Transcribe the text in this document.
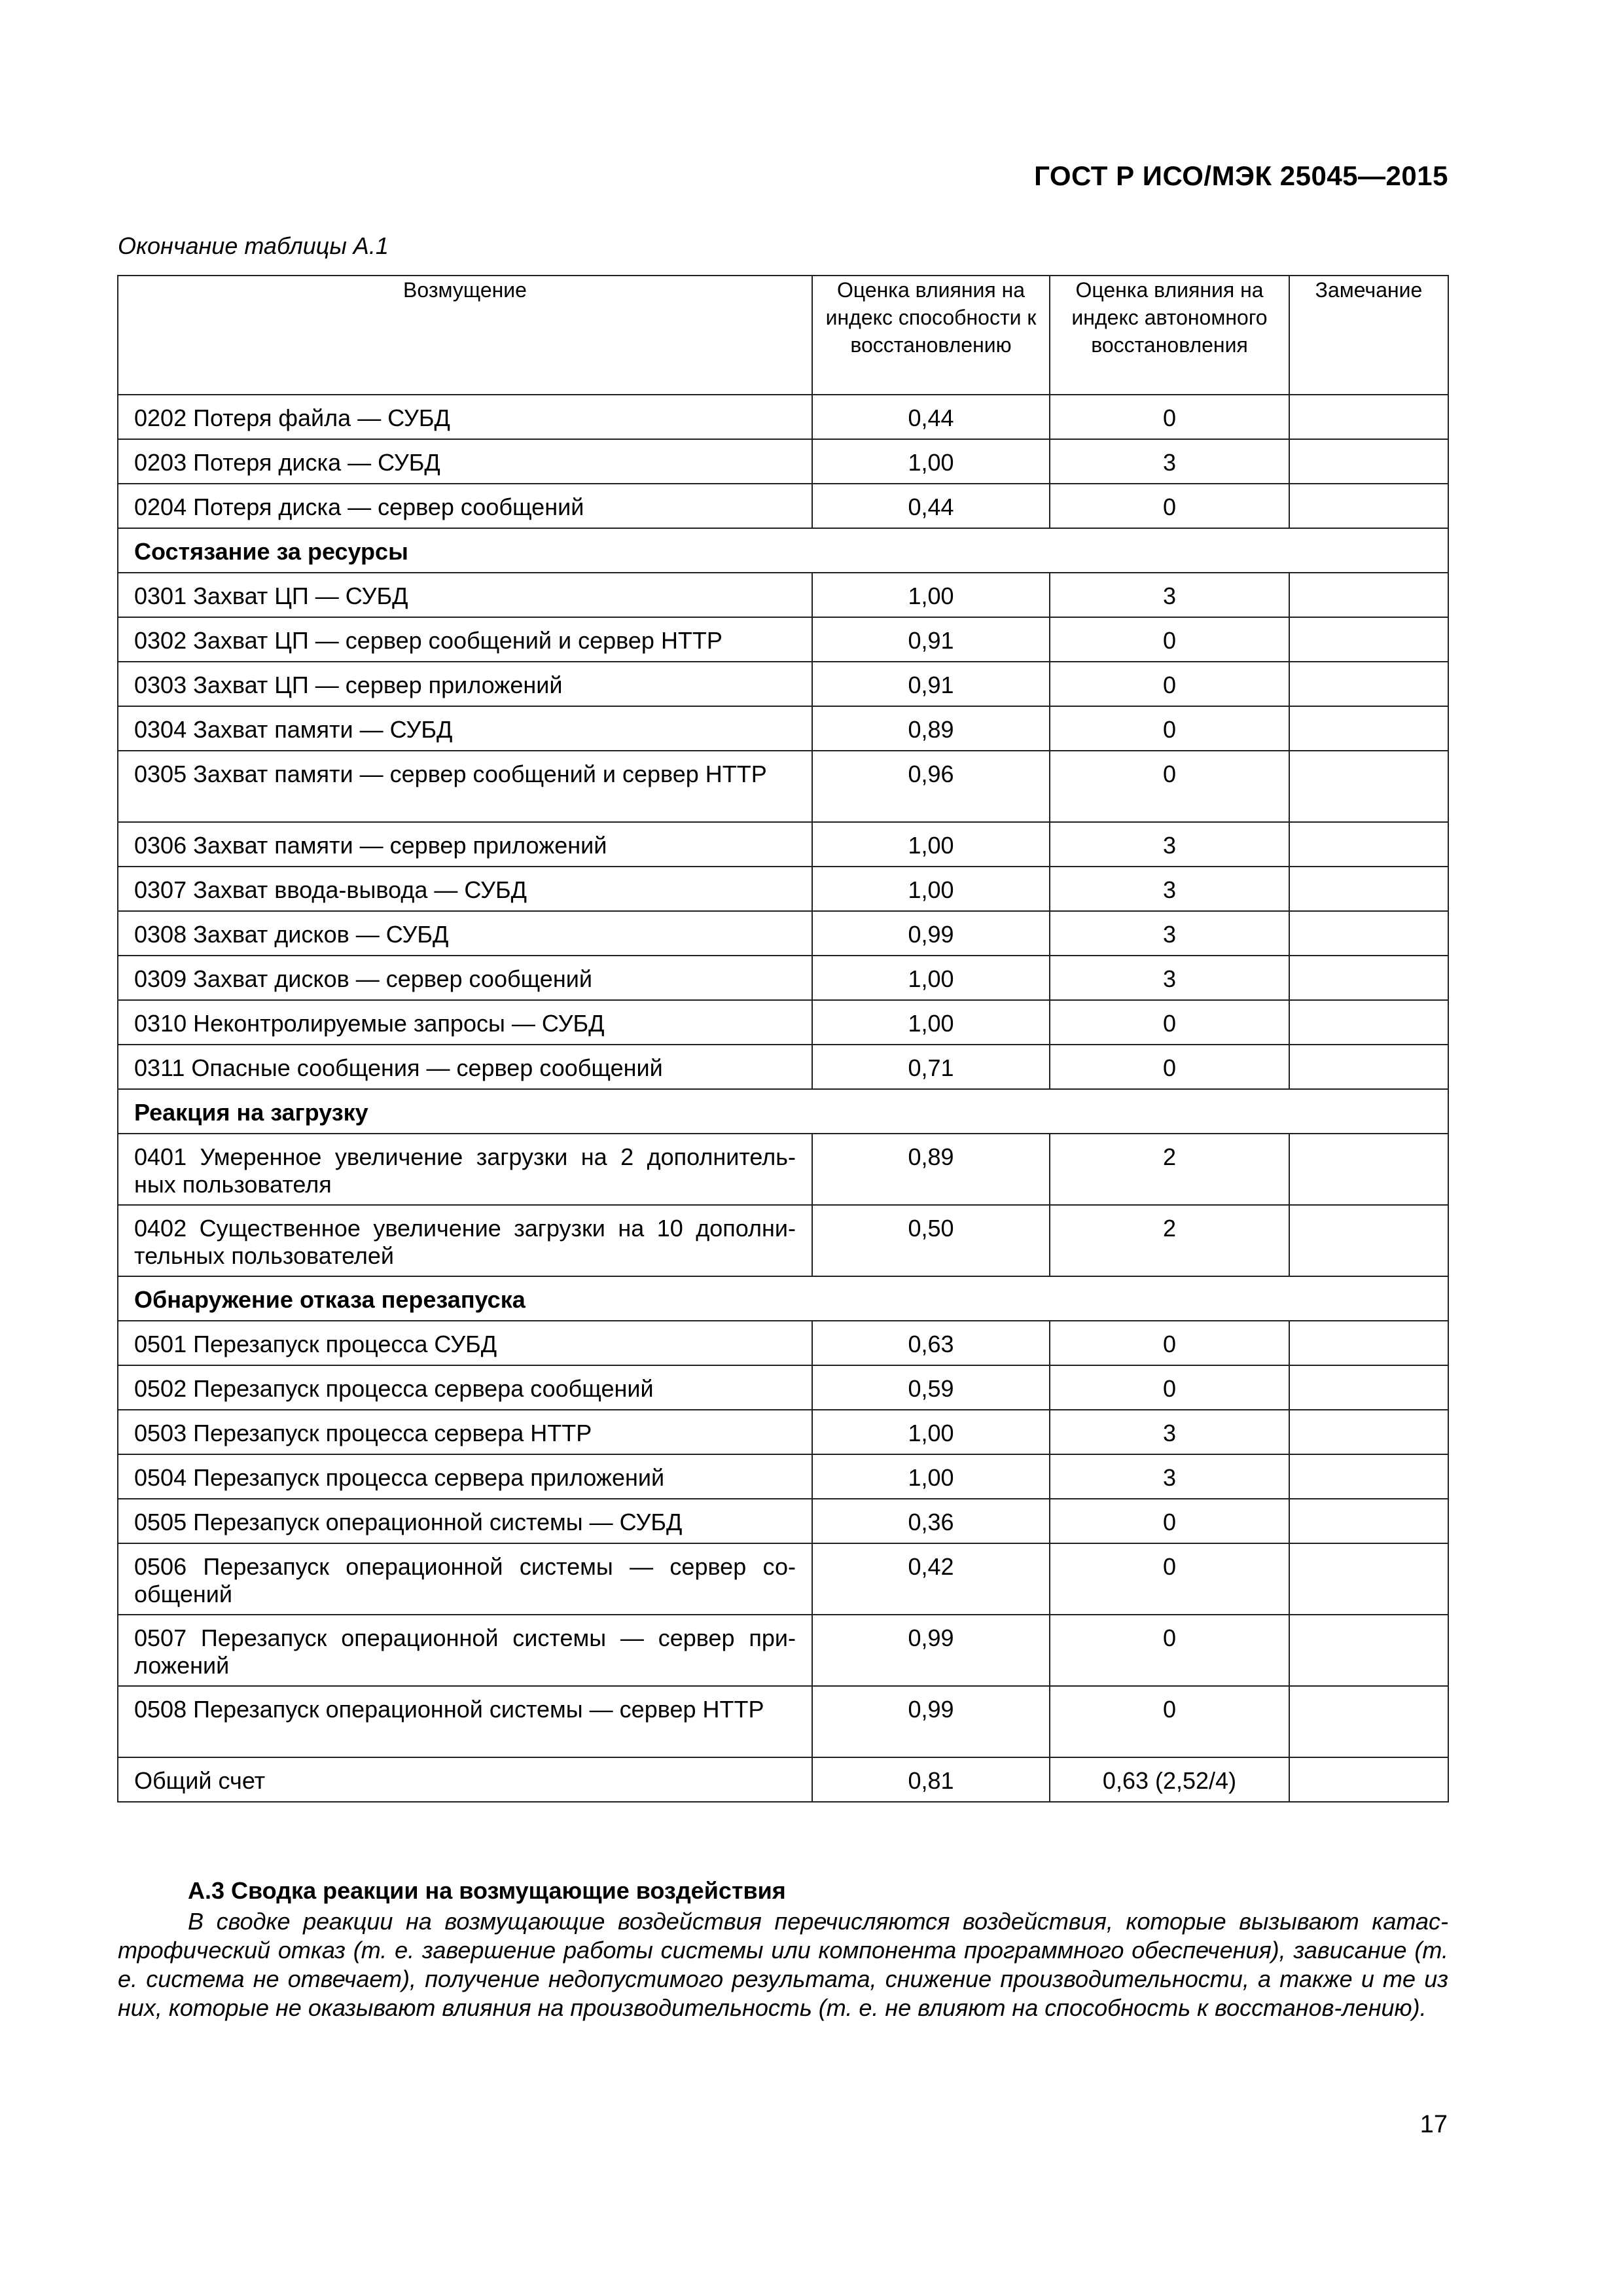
ГОСТ Р ИСО/МЭК 25045—2015
Окончание таблицы А.1
Возмущение	Оценка влияния на индекс способности к восстановлению	Оценка влияния на индекс автономного восстановления	Замечание

0202 Потеря файла — СУБД	0,44	0	

0203 Потеря диска — СУБД	1,00	3	

0204 Потеря диска — сервер сообщений	0,44	0	

Состязание за ресурсы			

0301 Захват ЦП — СУБД	1,00	3	

0302 Захват ЦП — сервер сообщений и сервер HTTP	0,91	0	

0303 Захват ЦП — сервер приложений	0,91	0	

0304 Захват памяти — СУБД	0,89	0	

0305 Захват памяти — сервер сообщений и сервер HTTP	0,96	0	

0306 Захват памяти — сервер приложений	1,00	3	

0307 Захват ввода-вывода — СУБД	1,00	3	

0308 Захват дисков — СУБД	0,99	3	

0309 Захват дисков — сервер сообщений	1,00	3	

0310 Неконтролируемые запросы — СУБД	1,00	0	

0311 Опасные сообщения — сервер сообщений	0,71	0	

Реакция на загрузку			

0401 Умеренное увеличение загрузки на 2 дополнитель-ных пользователя	0,89	2	

0402 Существенное увеличение загрузки на 10 дополни-тельных пользователей	0,50	2	

Обнаружение отказа перезапуска			

0501 Перезапуск процесса СУБД	0,63	0	

0502 Перезапуск процесса сервера сообщений	0,59	0	

0503 Перезапуск процесса сервера HTTP	1,00	3	

0504 Перезапуск процесса сервера приложений	1,00	3	

0505 Перезапуск операционной системы — СУБД	0,36	0	

0506 Перезапуск операционной системы — сервер со-общений	0,42	0	

0507 Перезапуск операционной системы — сервер при-ложений	0,99	0	

0508 Перезапуск операционной системы — сервер HTTP	0,99	0	

Общий счет	0,81	0,63 (2,52/4)	

А.3 Сводка реакции на возмущающие воздействия
В сводке реакции на возмущающие воздействия перечисляются воздействия, которые вызывают катас-трофический отказ (т. е. завершение работы системы или компонента программного обеспечения), зависание (т. е. система не отвечает), получение недопустимого результата, снижение производительности, а также и те из них, которые не оказывают влияния на производительность (т. е. не влияют на способность к восстанов-лению).
17
